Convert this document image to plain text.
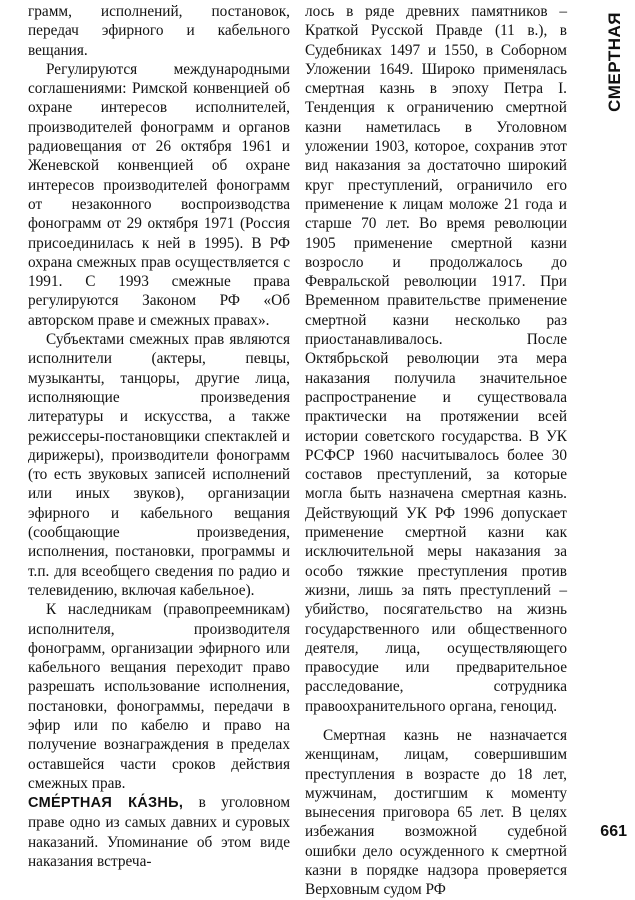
грамм, исполнений, постановок, передач эфирного и кабельного вещания.

Регулируются международными соглашениями: Римской конвенцией об охране интересов исполнителей, производителей фонограмм и органов радиовещания от 26 октября 1961 и Женевской конвенцией об охране интересов производителей фонограмм от незаконного воспроизводства фонограмм от 29 октября 1971 (Россия присоединилась к ней в 1995). В РФ охрана смежных прав осуществляется с 1991. С 1993 смежные права регулируются Законом РФ «Об авторском праве и смежных правах».

Субъектами смежных прав являются исполнители (актеры, певцы, музыканты, танцоры, другие лица, исполняющие произведения литературы и искусства, а также режиссеры-постановщики спектаклей и дирижеры), производители фонограмм (то есть звуковых записей исполнений или иных звуков), организации эфирного и кабельного вещания (сообщающие произведения, исполнения, постановки, программы и т.п. для всеобщего сведения по радио и телевидению, включая кабельное).

К наследникам (правопреемникам) исполнителя, производителя фонограмм, организации эфирного или кабельного вещания переходит право разрешать использование исполнения, постановки, фонограммы, передачи в эфир или по кабелю и право на получение вознаграждения в пределах оставшейся части сроков действия смежных прав.

СМЕ́РТНАЯ КА́ЗНЬ, в уголовном праве одно из самых давних и суровых наказаний. Упоминание об этом виде наказания встреча-

лось в ряде древних памятников – Краткой Русской Правде (11 в.), в Судебниках 1497 и 1550, в Соборном Уложении 1649. Широко применялась смертная казнь в эпоху Петра I. Тенденция к ограничению смертной казни наметилась в Уголовном уложении 1903, которое, сохранив этот вид наказания за достаточно широкий круг преступлений, ограничило его применение к лицам моложе 21 года и старше 70 лет. Во время революции 1905 применение смертной казни возросло и продолжалось до Февральской революции 1917. При Временном правительстве применение смертной казни несколько раз приостанавливалось. После Октябрьской революции эта мера наказания получила значительное распространение и существовала практически на протяжении всей истории советского государства. В УК РСФСР 1960 насчитывалось более 30 составов преступлений, за которые могла быть назначена смертная казнь. Действующий УК РФ 1996 допускает применение смертной казни как исключительной меры наказания за особо тяжкие преступления против жизни, лишь за пять преступлений – убийство, посягательство на жизнь государственного или общественного деятеля, лица, осуществляющего правосудие или предварительное расследование, сотрудника правоохранительного органа, геноцид.

Смертная казнь не назначается женщинам, лицам, совершившим преступления в возрасте до 18 лет, мужчинам, достигшим к моменту вынесения приговора 65 лет. В целях избежания возможной судебной ошибки дело осужденного к смертной казни в порядке надзора проверяется Верховным судом РФ

СМЕРТНАЯ
661
